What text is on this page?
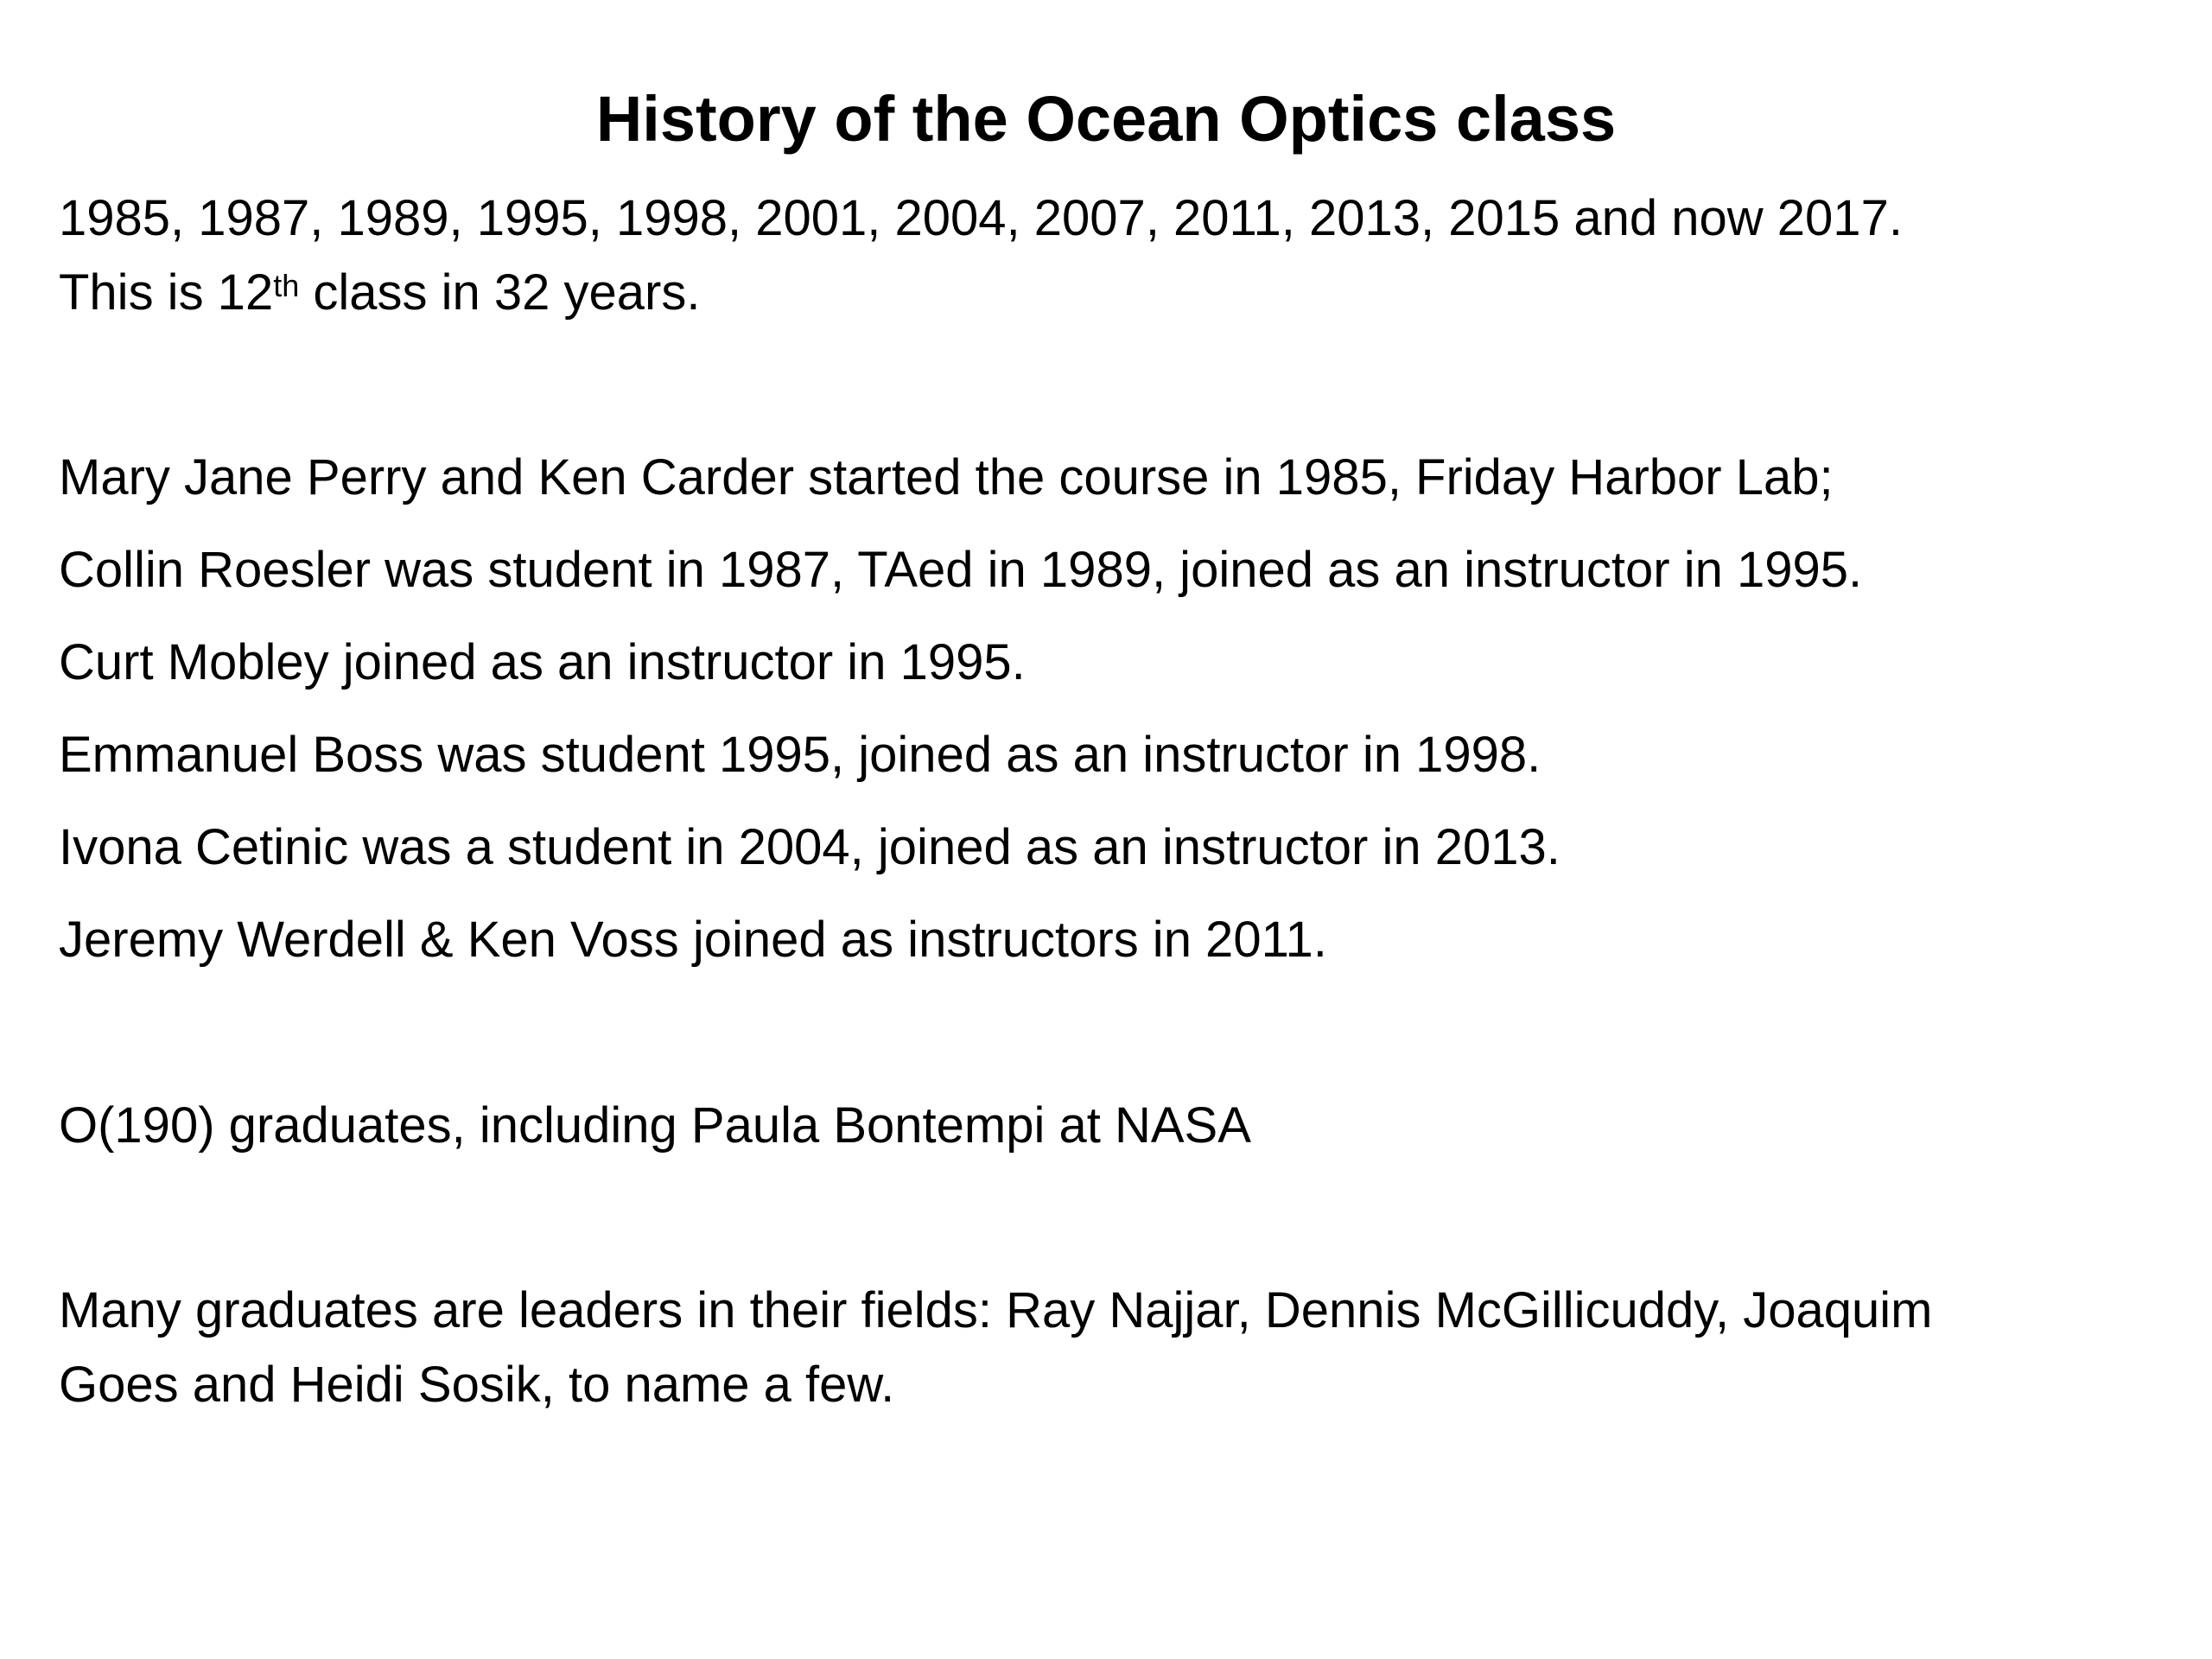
History of the Ocean Optics class
1985, 1987, 1989, 1995, 1998, 2001, 2004, 2007, 2011, 2013, 2015 and now 2017.
This is 12th class in 32 years.
Mary Jane Perry and Ken Carder started the course in 1985, Friday Harbor Lab;
Collin Roesler was student in 1987, TAed in 1989, joined as an instructor in 1995.
Curt Mobley joined as an instructor in 1995.
Emmanuel Boss was student 1995, joined as an instructor in 1998.
Ivona Cetinic was a student in 2004, joined as an instructor in 2013.
Jeremy Werdell & Ken Voss joined as instructors in 2011.
O(190) graduates, including Paula Bontempi at NASA
Many graduates are leaders in their fields: Ray Najjar, Dennis McGillicuddy, Joaquim
Goes and Heidi Sosik, to name a few.
